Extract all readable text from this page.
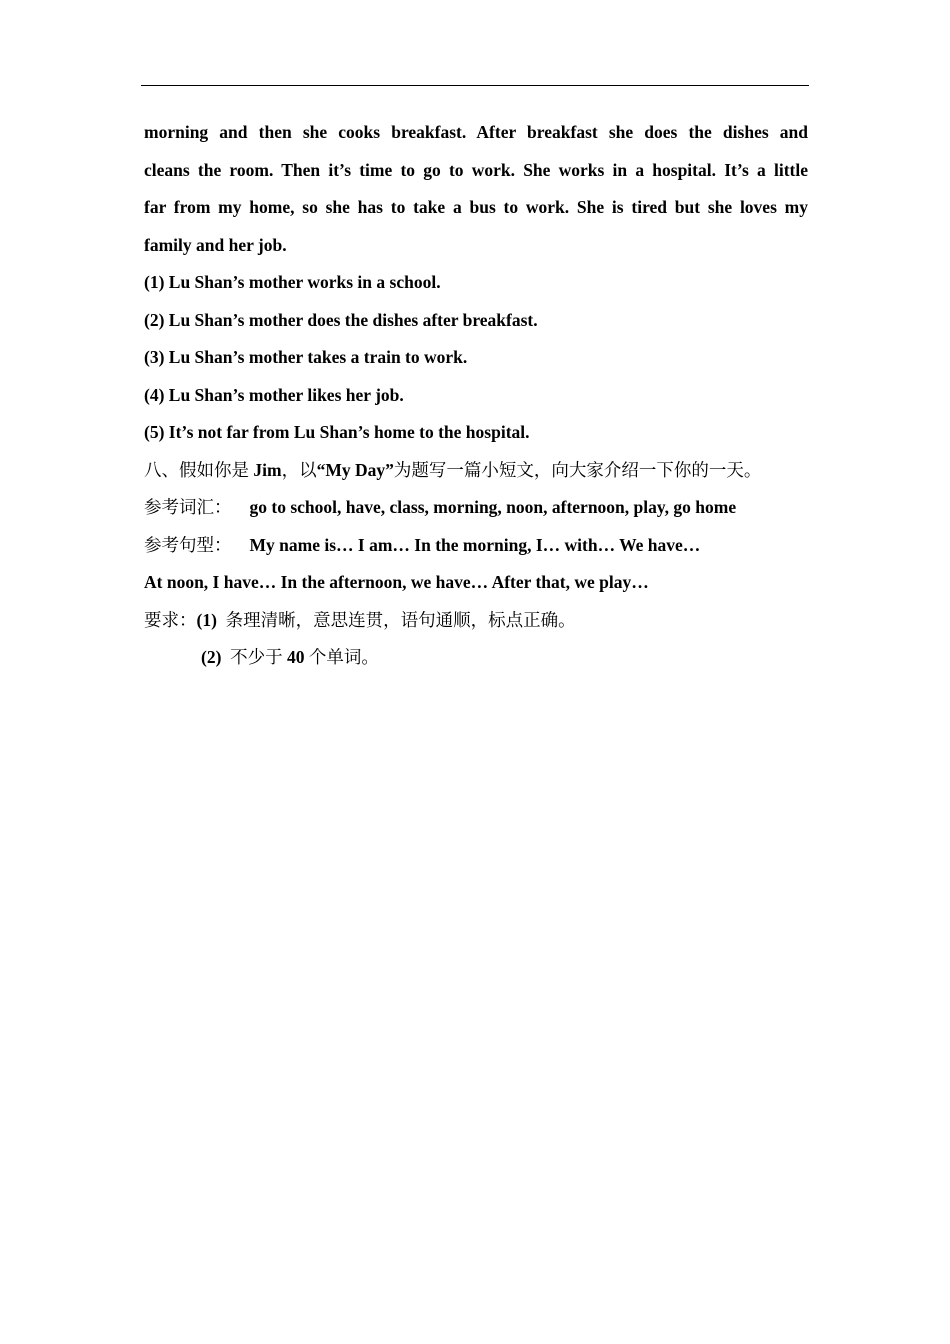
morning and then she cooks breakfast. After breakfast she does the dishes and
cleans the room. Then it’s time to go to work. She works in a hospital. It’s a little
far from my home, so she has to take a bus to work. She is tired but she loves my
family and her job.
(1) Lu Shan’s mother works in a school.
(2) Lu Shan’s mother does the dishes after breakfast.
(3) Lu Shan’s mother takes a train to work.
(4) Lu Shan’s mother likes her job.
(5) It’s not far from Lu Shan’s home to the hospital.
八、假如你是 Jim，以“My Day”为题写一篇小短文，向大家介绍一下你的一天。
参考词汇： go to school, have, class, morning, noon, afternoon, play, go home
参考句型： My name is… I am… In the morning, I… with… We have…
At noon, I have… In the afternoon, we have… After that, we play…
要求：(1) 条理清晰，意思连贯，语句通顺，标点正确。
(2) 不少于 40 个单词。
